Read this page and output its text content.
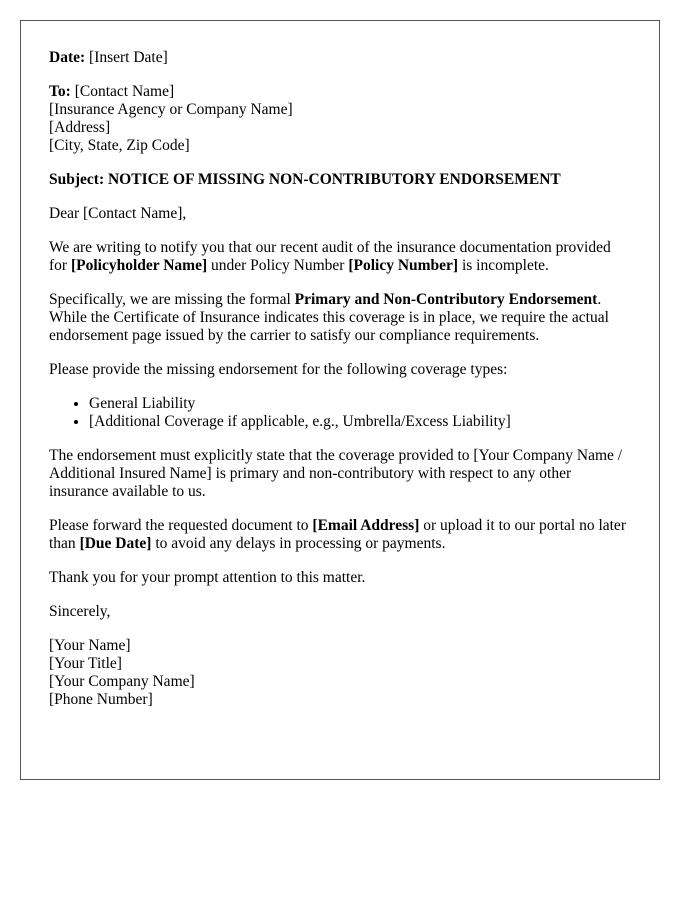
Date: [Insert Date]

To: [Contact Name]
[Insurance Agency or Company Name]
[Address]
[City, State, Zip Code]

Subject: NOTICE OF MISSING NON-CONTRIBUTORY ENDORSEMENT

Dear [Contact Name],

We are writing to notify you that our recent audit of the insurance documentation provided for [Policyholder Name] under Policy Number [Policy Number] is incomplete.

Specifically, we are missing the formal Primary and Non-Contributory Endorsement. While the Certificate of Insurance indicates this coverage is in place, we require the actual endorsement page issued by the carrier to satisfy our compliance requirements.

Please provide the missing endorsement for the following coverage types:

• General Liability
• [Additional Coverage if applicable, e.g., Umbrella/Excess Liability]

The endorsement must explicitly state that the coverage provided to [Your Company Name / Additional Insured Name] is primary and non-contributory with respect to any other insurance available to us.

Please forward the requested document to [Email Address] or upload it to our portal no later than [Due Date] to avoid any delays in processing or payments.

Thank you for your prompt attention to this matter.

Sincerely,

[Your Name]
[Your Title]
[Your Company Name]
[Phone Number]
